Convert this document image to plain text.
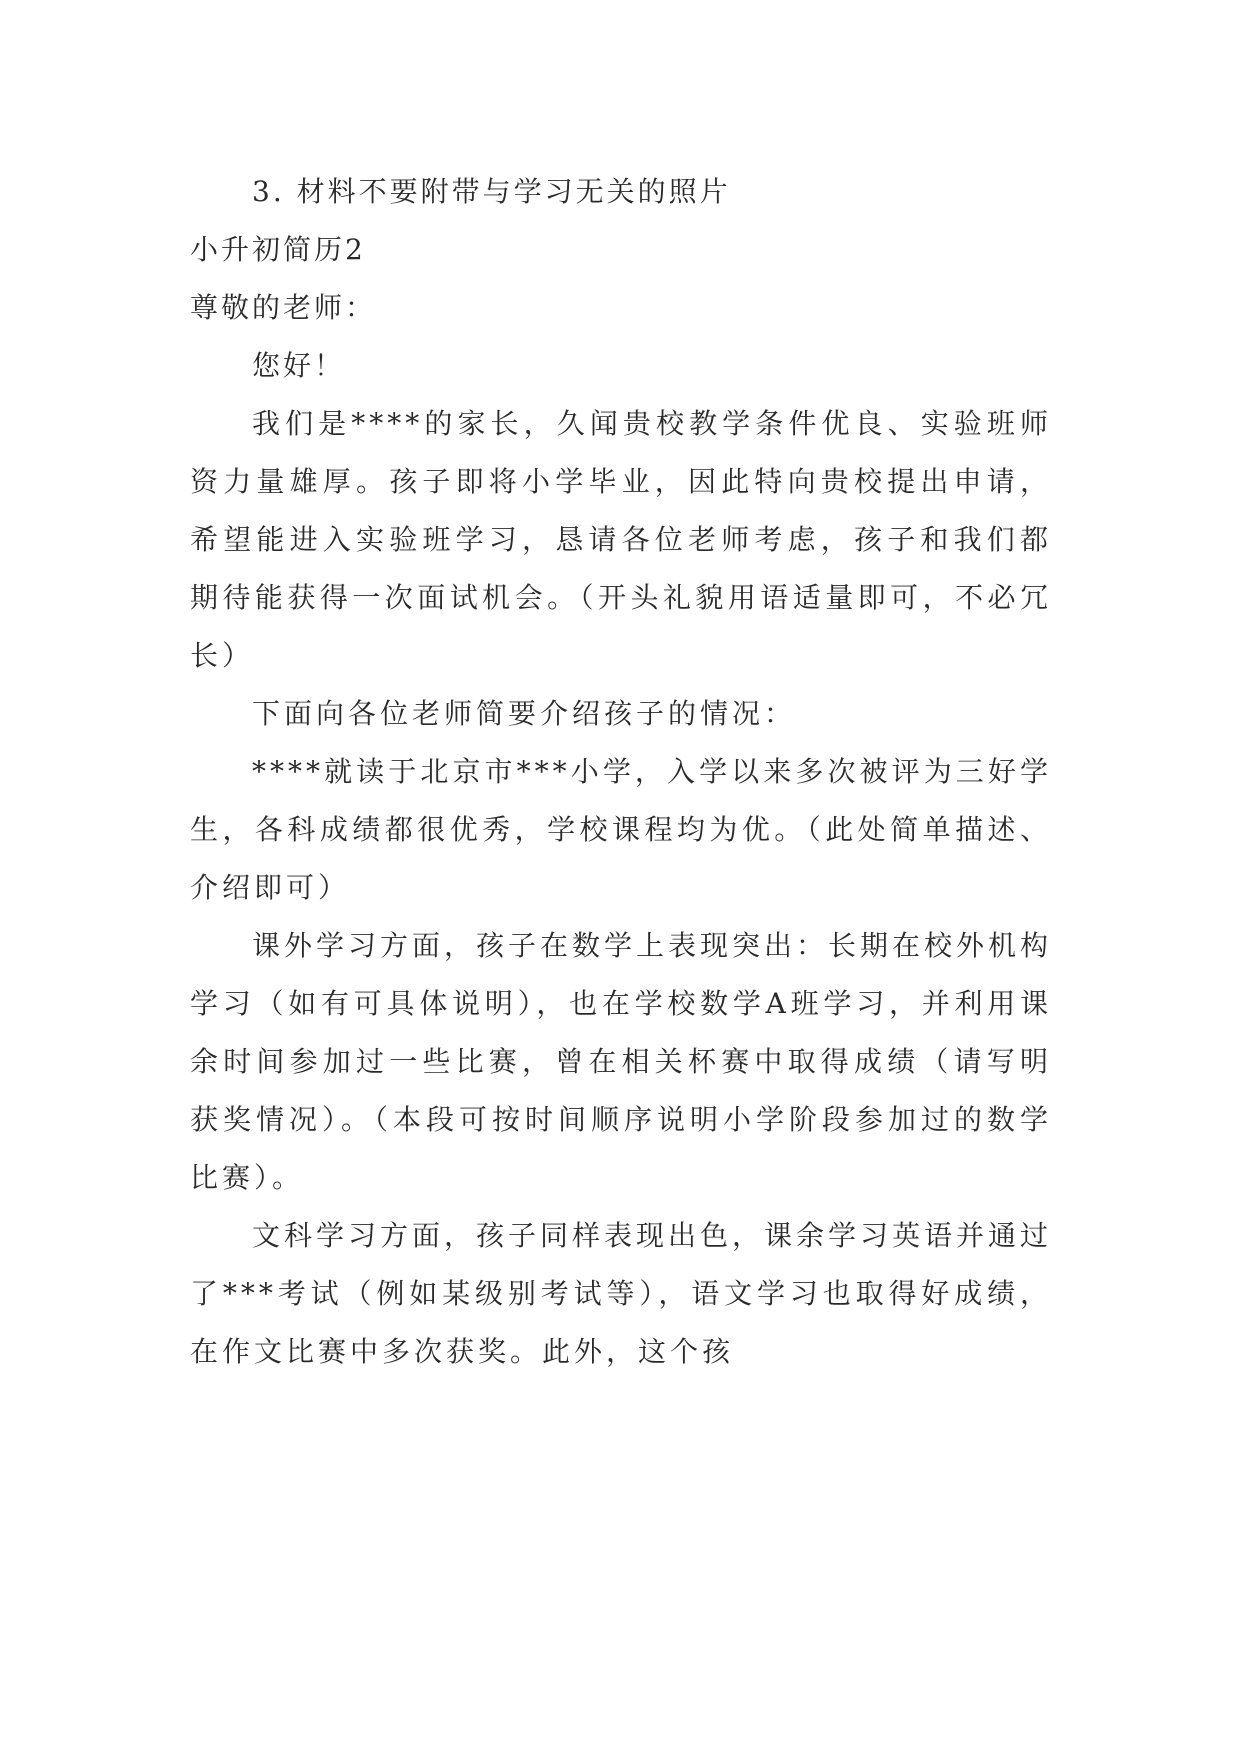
3. 材料不要附带与学习无关的照片
小升初简历2
尊敬的老师：
您好！

我们是****的家长，久闻贵校教学条件优良、实验班师资力量雄厚。孩子即将小学毕业，因此特向贵校提出申请，希望能进入实验班学习，恳请各位老师考虑，孩子和我们都期待能获得一次面试机会。（开头礼貌用语适量即可，不必冗长）

下面向各位老师简要介绍孩子的情况：

****就读于北京市***小学，入学以来多次被评为三好学生，各科成绩都很优秀，学校课程均为优。（此处简单描述、介绍即可）

课外学习方面，孩子在数学上表现突出：长期在校外机构学习（如有可具体说明），也在学校数学A班学习，并利用课余时间参加过一些比赛，曾在相关杯赛中取得成绩（请写明获奖情况）。（本段可按时间顺序说明小学阶段参加过的数学比赛）。

文科学习方面，孩子同样表现出色，课余学习英语并通过了***考试（例如某级别考试等），语文学习也取得好成绩，在作文比赛中多次获奖。此外，这个孩
